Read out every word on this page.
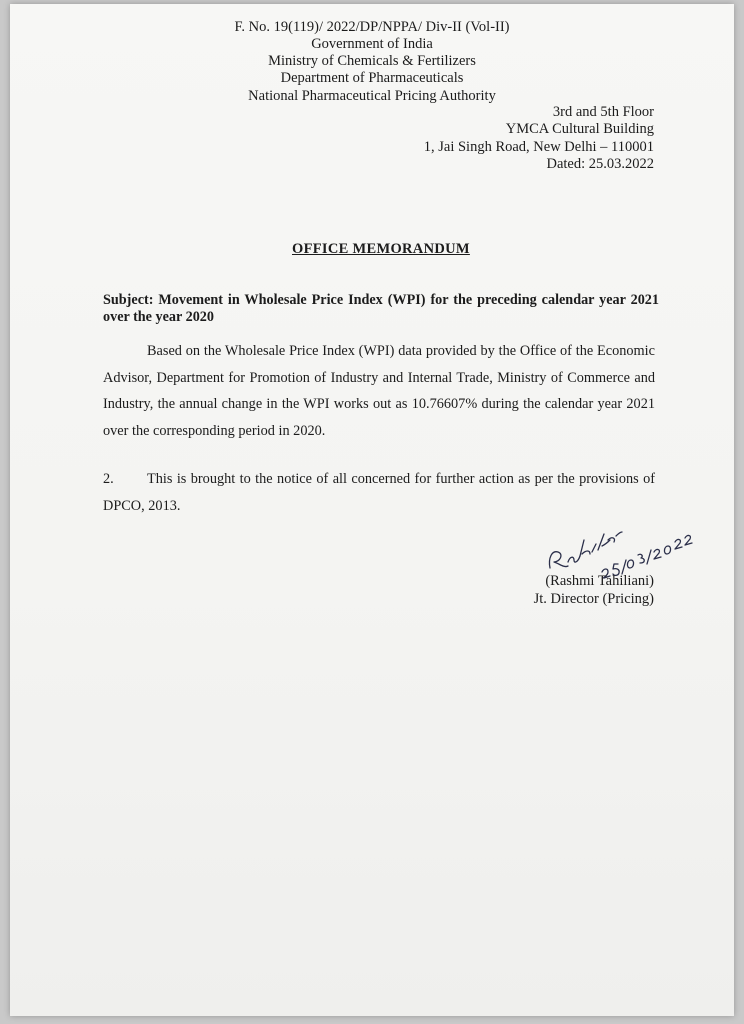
F. No. 19(119)/ 2022/DP/NPPA/ Div-II (Vol-II)
Government of India
Ministry of Chemicals & Fertilizers
Department of Pharmaceuticals
National Pharmaceutical Pricing Authority
3rd and 5th Floor
YMCA Cultural Building
1, Jai Singh Road, New Delhi – 110001
Dated: 25.03.2022
OFFICE MEMORANDUM
Subject: Movement in Wholesale Price Index (WPI) for the preceding calendar year 2021 over the year 2020
Based on the Wholesale Price Index (WPI) data provided by the Office of the Economic Advisor, Department for Promotion of Industry and Internal Trade, Ministry of Commerce and Industry, the annual change in the WPI works out as 10.76607% during the calendar year 2021 over the corresponding period in 2020.
2. This is brought to the notice of all concerned for further action as per the provisions of DPCO, 2013.
(Rashmi Tahiliani)
Jt. Director (Pricing)
